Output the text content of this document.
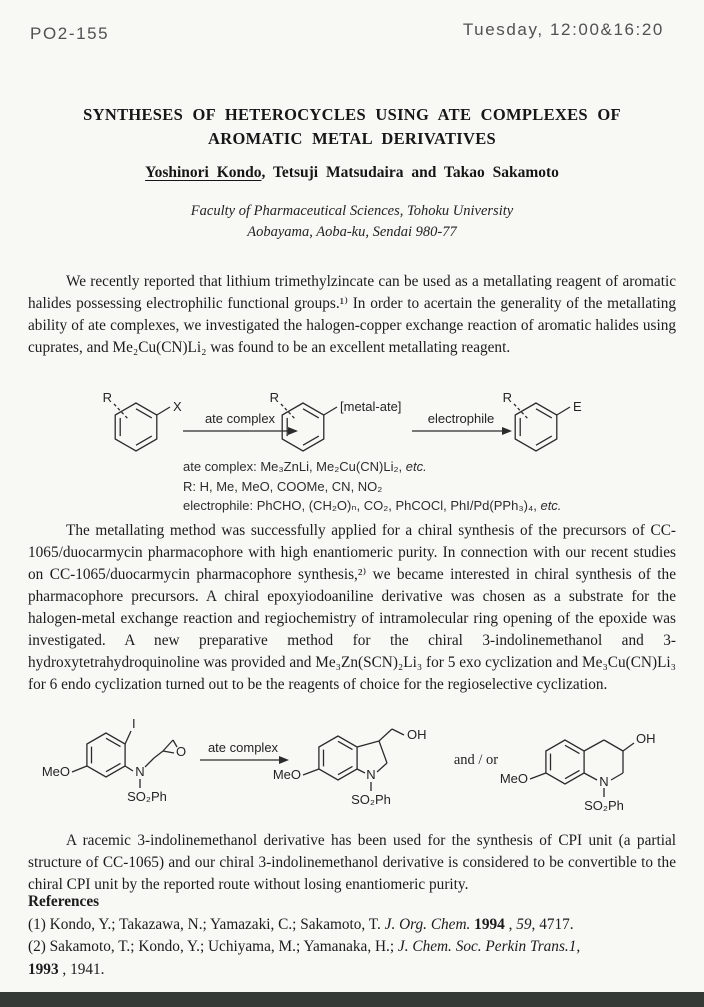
PO2-155	Tuesday, 12:00&16:20
SYNTHESES OF HETEROCYCLES USING ATE COMPLEXES OF
AROMATIC METAL DERIVATIVES
Yoshinori Kondo, Tetsuji Matsudaira and Takao Sakamoto
Faculty of Pharmaceutical Sciences, Tohoku University
Aobayama, Aoba-ku, Sendai 980-77
We recently reported that lithium trimethylzincate can be used as a metallating reagent of aromatic halides possessing electrophilic functional groups.¹⁾ In order to acertain the generality of the metallating ability of ate complexes, we investigated the halogen-copper exchange reaction of aromatic halides using cuprates, and Me₂Cu(CN)Li₂ was found to be an excellent metallating reagent.
R
X
ate complex
R
[metal-ate]
electrophile
R
E
ate complex: Me₃ZnLi, Me₂Cu(CN)Li₂, etc.
R: H, Me, MeO, COOMe, CN, NO₂
electrophile: PhCHO, (CH₂O)ₙ, CO₂, PhCOCl, PhI/Pd(PPh₃)₄, etc.
The metallating method was successfully applied for a chiral synthesis of the precursors of CC-1065/duocarmycin pharmacophore with high enantiomeric purity. In connection with our recent studies on CC-1065/duocarmycin pharmacophore synthesis,²⁾ we became interested in chiral synthesis of the pharmacophore precursors. A chiral epoxyiodoaniline derivative was chosen as a substrate for the halogen-metal exchange reaction and regiochemistry of intramolecular ring opening of the epoxide was investigated. A new preparative method for the chiral 3-indolinemethanol and 3-hydroxytetrahydroquinoline was provided and Me₃Zn(SCN)₂Li₃ for 5 exo cyclization and Me₃Cu(CN)Li₃ for 6 endo cyclization turned out to be the reagents of choice for the regioselective cyclization.
MeO
I
N
O
SO₂Ph
ate complex
MeO
OH
N
SO₂Ph
and / or
MeO
OH
N
SO₂Ph
A racemic 3-indolinemethanol derivative has been used for the synthesis of CPI unit (a partial structure of CC-1065) and our chiral 3-indolinemethanol derivative is considered to be convertible to the chiral CPI unit by the reported route without losing enantiomeric purity.
References
(1) Kondo, Y.; Takazawa, N.; Yamazaki, C.; Sakamoto, T. J. Org. Chem. 1994 , 59, 4717.
(2) Sakamoto, T.; Kondo, Y.; Uchiyama, M.; Yamanaka, H.; J. Chem. Soc. Perkin Trans.1,
1993 , 1941.
